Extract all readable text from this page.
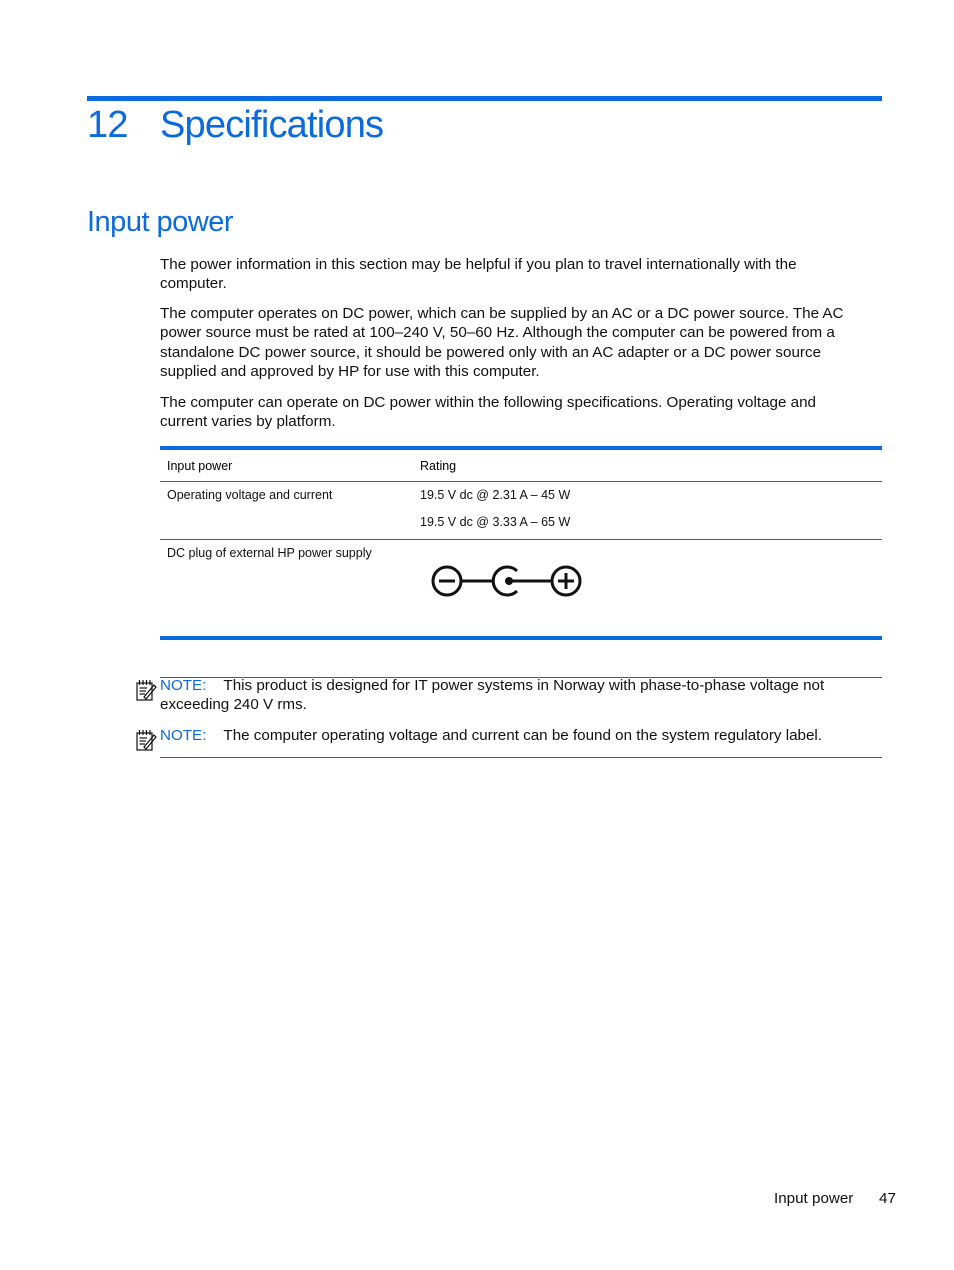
12 Specifications
Input power

The power information in this section may be helpful if you plan to travel internationally with the computer.

The computer operates on DC power, which can be supplied by an AC or a DC power source. The AC power source must be rated at 100–240 V, 50–60 Hz. Although the computer can be powered from a standalone DC power source, it should be powered only with an AC adapter or a DC power source supplied and approved by HP for use with this computer.

The computer can operate on DC power within the following specifications. Operating voltage and current varies by platform.

Input power	Rating

Operating voltage and current	19.5 V dc @ 2.31 A – 45 W
19.5 V dc @ 3.33 A – 65 W

DC plug of external HP power supply

NOTE: This product is designed for IT power systems in Norway with phase-to-phase voltage not exceeding 240 V rms.

NOTE: The computer operating voltage and current can be found on the system regulatory label.

Input power 47
